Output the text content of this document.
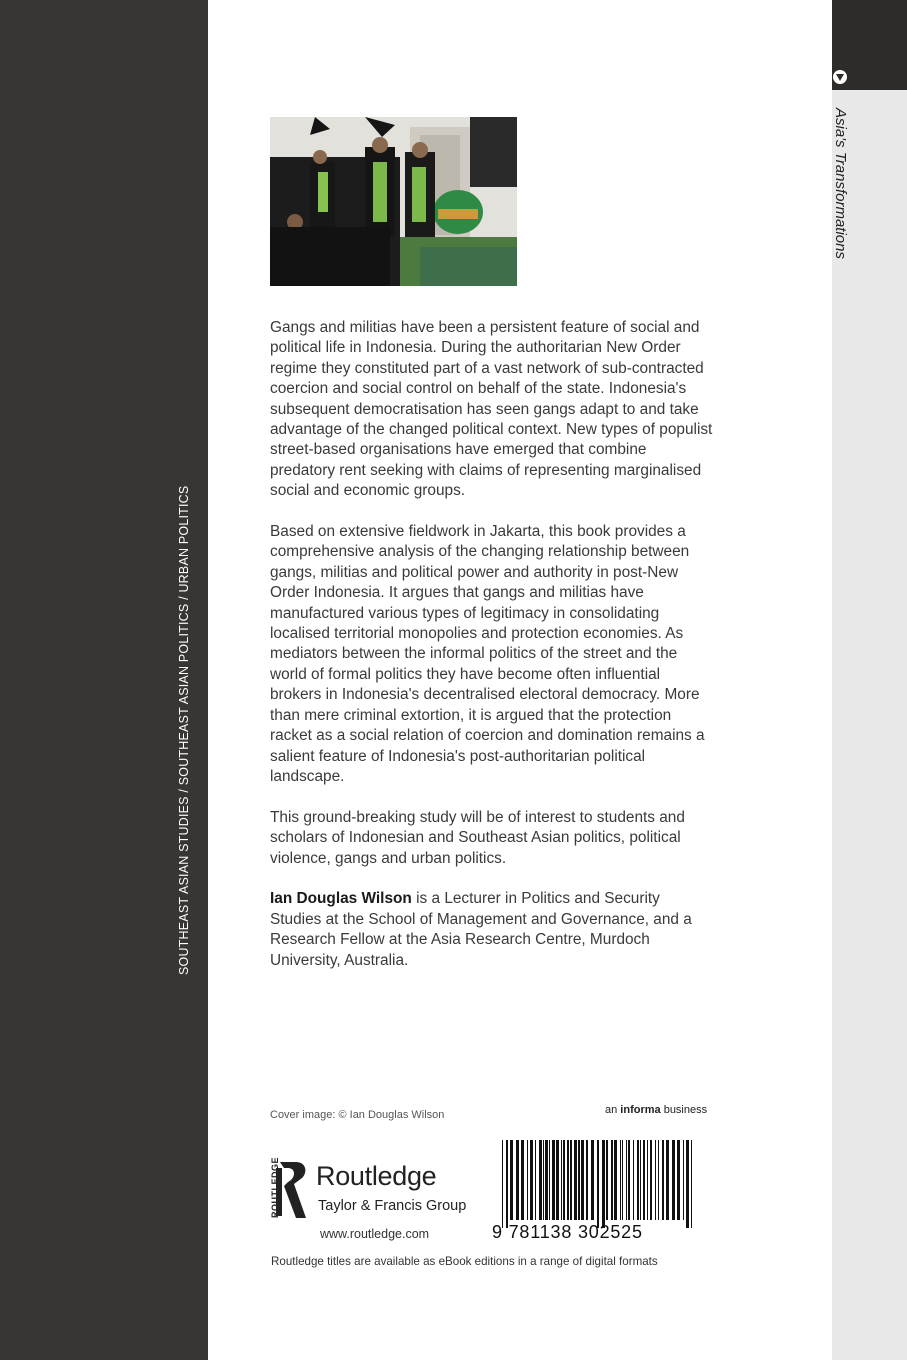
SOUTHEAST ASIAN STUDIES / SOUTHEAST ASIAN POLITICS / URBAN POLITICS
Asia's Transformations

Gangs and militias have been a persistent feature of social and political life in Indonesia. During the authoritarian New Order regime they constituted part of a vast network of sub-contracted coercion and social control on behalf of the state. Indonesia's subsequent democratisation has seen gangs adapt to and take advantage of the changed political context. New types of populist street-based organisations have emerged that combine predatory rent seeking with claims of representing marginalised social and economic groups.

Based on extensive fieldwork in Jakarta, this book provides a comprehensive analysis of the changing relationship between gangs, militias and political power and authority in post-New Order Indonesia. It argues that gangs and militias have manufactured various types of legitimacy in consolidating localised territorial monopolies and protection economies. As mediators between the informal politics of the street and the world of formal politics they have become often influential brokers in Indonesia's decentralised electoral democracy. More than mere criminal extortion, it is argued that the protection racket as a social relation of coercion and domination remains a salient feature of Indonesia's post-authoritarian political landscape.

This ground-breaking study will be of interest to students and scholars of Indonesian and Southeast Asian politics, political violence, gangs and urban politics.

Ian Douglas Wilson is a Lecturer in Politics and Security Studies at the School of Management and Governance, and a Research Fellow at the Asia Research Centre, Murdoch University, Australia.

Cover image: © Ian Douglas Wilson	an informa business
9 781138 302525
ROUTLEDGE Routledge
Taylor & Francis Group
www.routledge.com
Routledge titles are available as eBook editions in a range of digital formats
